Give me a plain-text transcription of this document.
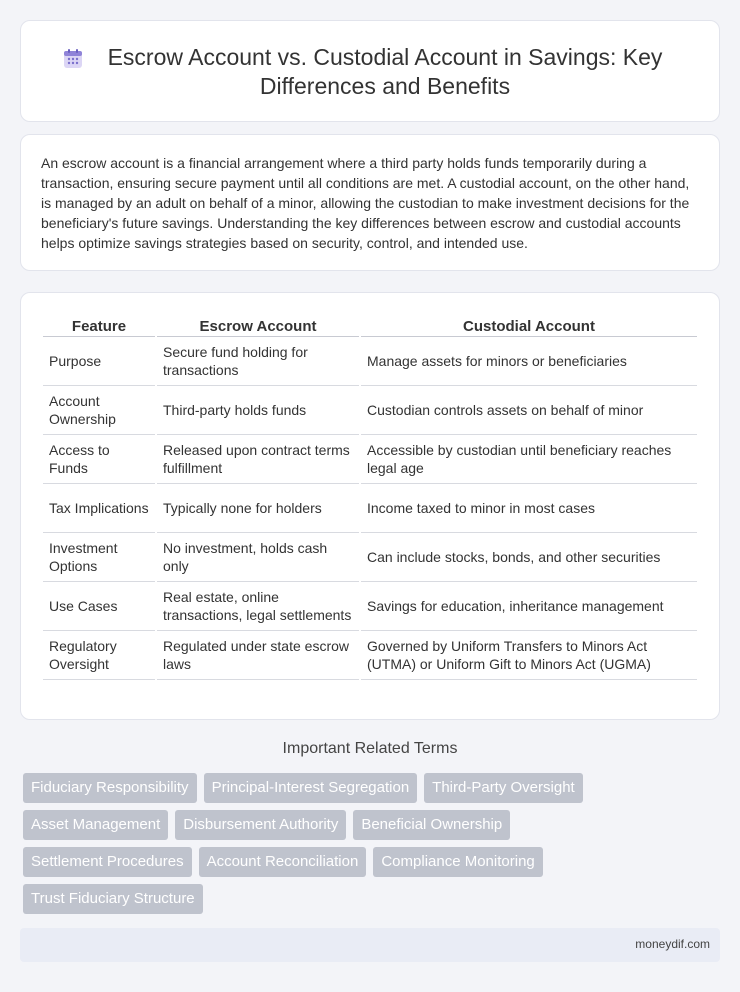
Escrow Account vs. Custodial Account in Savings: Key Differences and Benefits

An escrow account is a financial arrangement where a third party holds funds temporarily during a transaction, ensuring secure payment until all conditions are met. A custodial account, on the other hand, is managed by an adult on behalf of a minor, allowing the custodian to make investment decisions for the beneficiary's future savings. Understanding the key differences between escrow and custodial accounts helps optimize savings strategies based on security, control, and intended use.

Feature	Escrow Account	Custodial Account
Purpose	Secure fund holding for transactions	Manage assets for minors or beneficiaries
Account Ownership	Third-party holds funds	Custodian controls assets on behalf of minor
Access to Funds	Released upon contract terms fulfillment	Accessible by custodian until beneficiary reaches legal age
Tax Implications	Typically none for holders	Income taxed to minor in most cases
Investment Options	No investment, holds cash only	Can include stocks, bonds, and other securities
Use Cases	Real estate, online transactions, legal settlements	Savings for education, inheritance management
Regulatory Oversight	Regulated under state escrow laws	Governed by Uniform Transfers to Minors Act (UTMA) or Uniform Gift to Minors Act (UGMA)
Important Related Terms
Fiduciary Responsibility	Principal-Interest Segregation	Third-Party Oversight
Asset Management	Disbursement Authority	Beneficial Ownership
Settlement Procedures	Account Reconciliation	Compliance Monitoring
Trust Fiduciary Structure
moneydif.com
